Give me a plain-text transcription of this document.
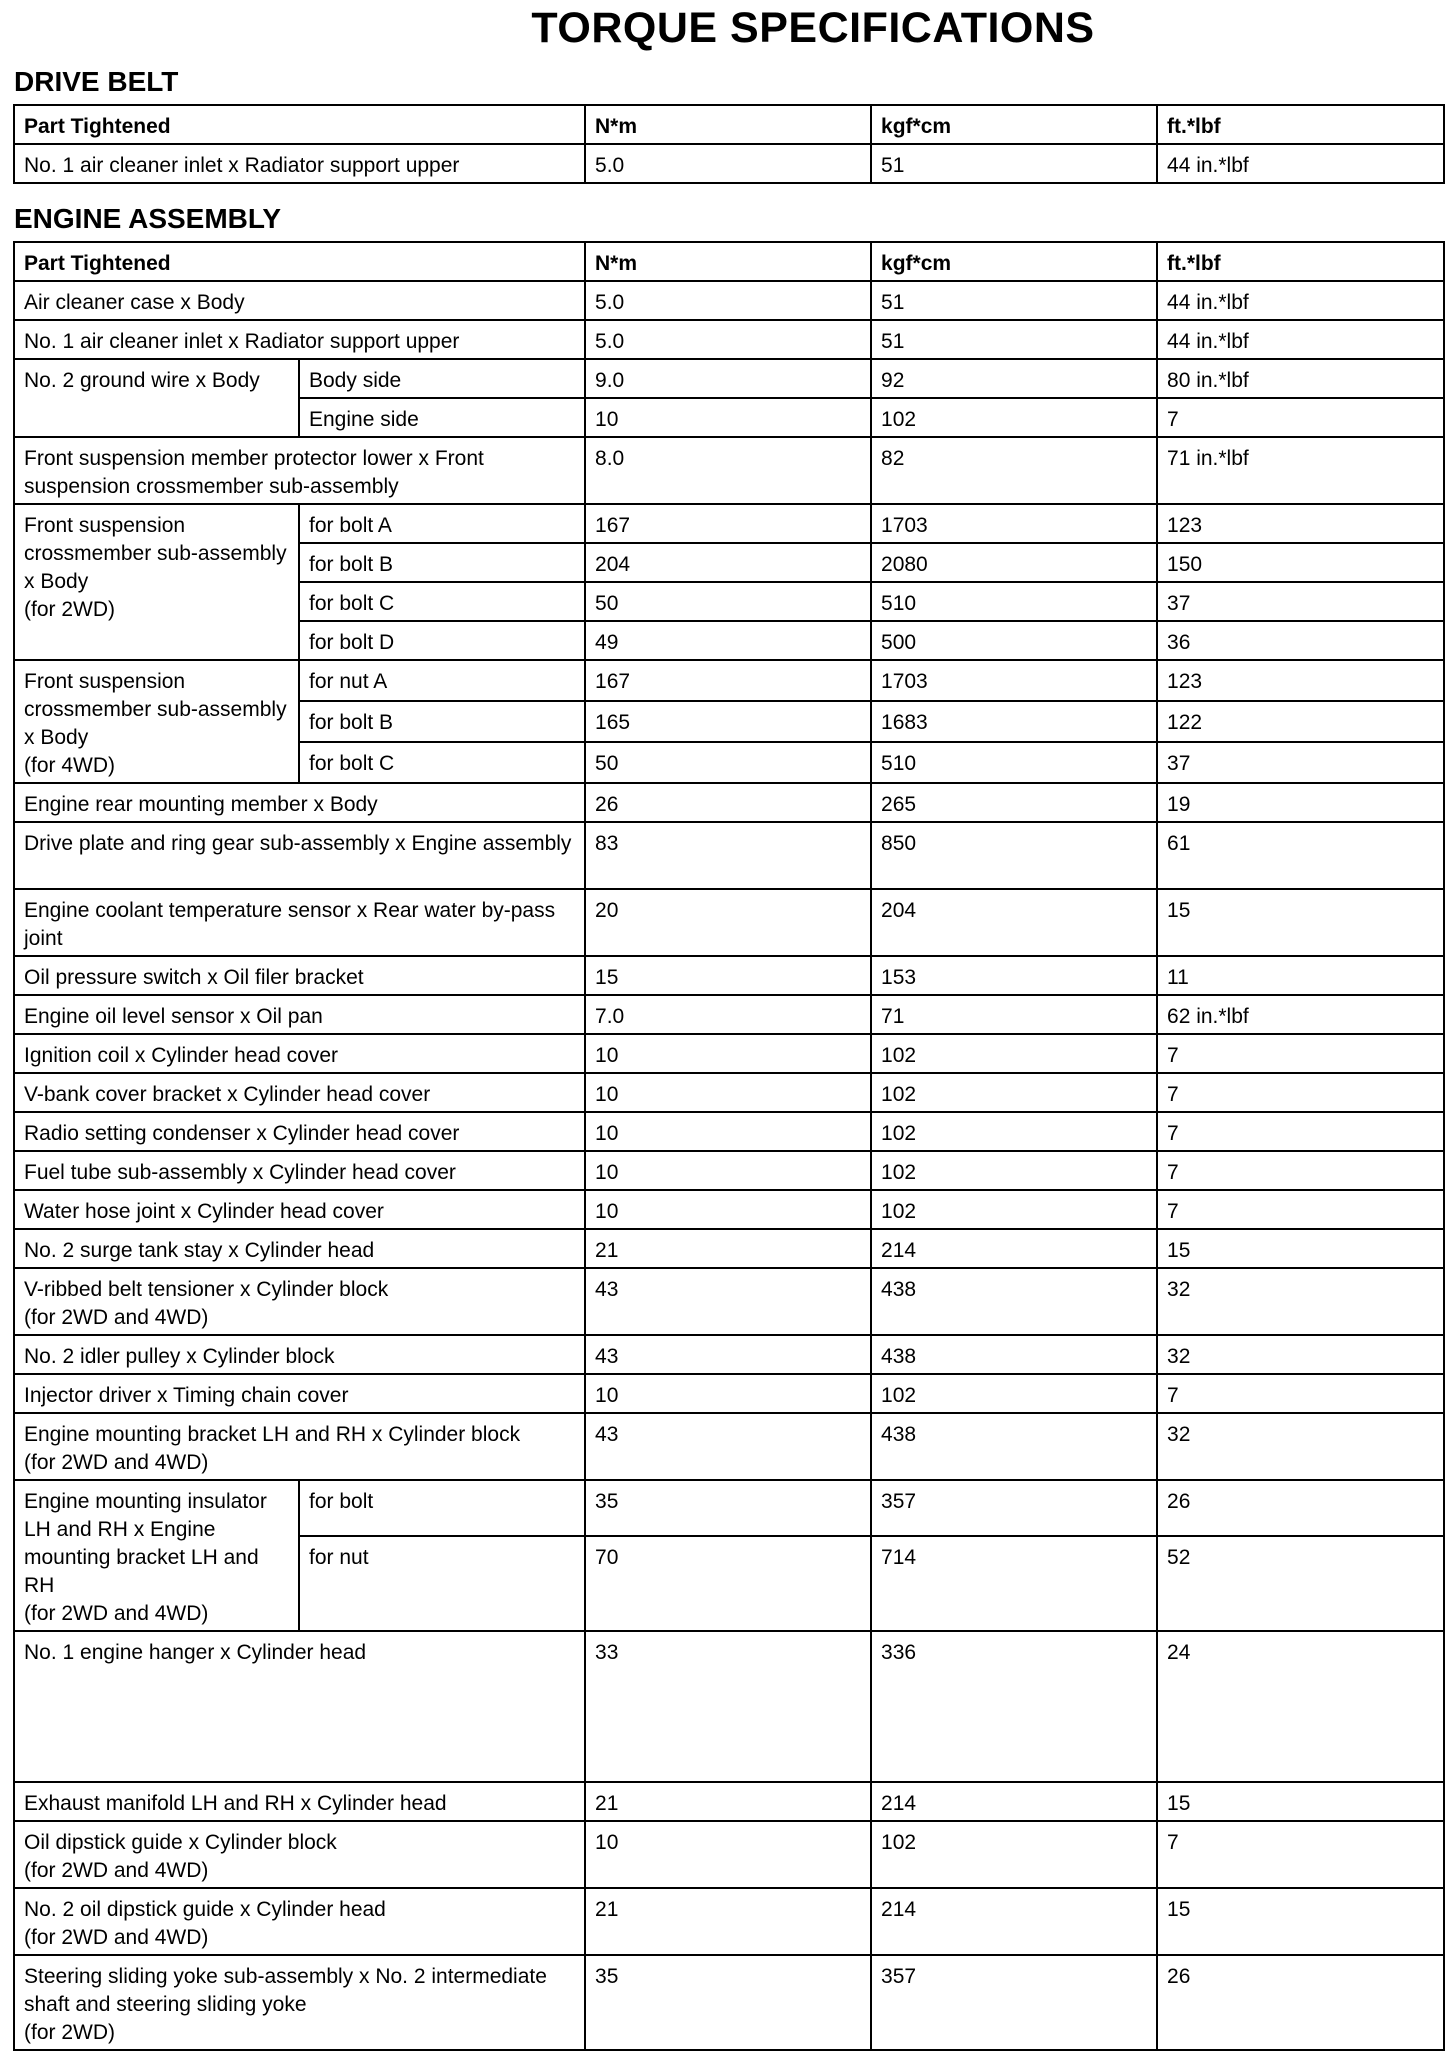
TORQUE SPECIFICATIONS
DRIVE BELT
Part Tightened	N*m	kgf*cm	ft.*lbf
No. 1 air cleaner inlet x Radiator support upper	5.0	51	44 in.*lbf
ENGINE ASSEMBLY
Part Tightened		N*m	kgf*cm	ft.*lbf
Air cleaner case x Body		5.0	51	44 in.*lbf
No. 1 air cleaner inlet x Radiator support upper		5.0	51	44 in.*lbf
No. 2 ground wire x Body	Body side	9.0	92	80 in.*lbf
	Engine side	10	102	7
Front suspension member protector lower x Front suspension crossmember sub-assembly		8.0	82	71 in.*lbf
Front suspension crossmember sub-assembly x Body
(for 2WD)	for bolt A	167	1703	123
	for bolt B	204	2080	150
	for bolt C	50	510	37
	for bolt D	49	500	36
Front suspension crossmember sub-assembly x Body
(for 4WD)	for nut A	167	1703	123
	for bolt B	165	1683	122
	for bolt C	50	510	37
Engine rear mounting member x Body		26	265	19
Drive plate and ring gear sub-assembly x Engine assembly		83	850	61
Engine coolant temperature sensor x Rear water by-pass joint		20	204	15
Oil pressure switch x Oil filer bracket		15	153	11
Engine oil level sensor x Oil pan		7.0	71	62 in.*lbf
Ignition coil x Cylinder head cover		10	102	7
V-bank cover bracket x Cylinder head cover		10	102	7
Radio setting condenser x Cylinder head cover		10	102	7
Fuel tube sub-assembly x Cylinder head cover		10	102	7
Water hose joint x Cylinder head cover		10	102	7
No. 2 surge tank stay x Cylinder head		21	214	15
V-ribbed belt tensioner x Cylinder block
(for 2WD and 4WD)		43	438	32
No. 2 idler pulley x Cylinder block		43	438	32
Injector driver x Timing chain cover		10	102	7
Engine mounting bracket LH and RH x Cylinder block
(for 2WD and 4WD)		43	438	32
Engine mounting insulator LH and RH x Engine mounting bracket LH and RH
(for 2WD and 4WD)	for bolt	35	357	26
	for nut	70	714	52
No. 1 engine hanger x Cylinder head		33	336	24
Exhaust manifold LH and RH x Cylinder head		21	214	15
Oil dipstick guide x Cylinder block
(for 2WD and 4WD)		10	102	7
No. 2 oil dipstick guide x Cylinder head
(for 2WD and 4WD)		21	214	15
Steering sliding yoke sub-assembly x No. 2 intermediate shaft and steering sliding yoke
(for 2WD)		35	357	26
